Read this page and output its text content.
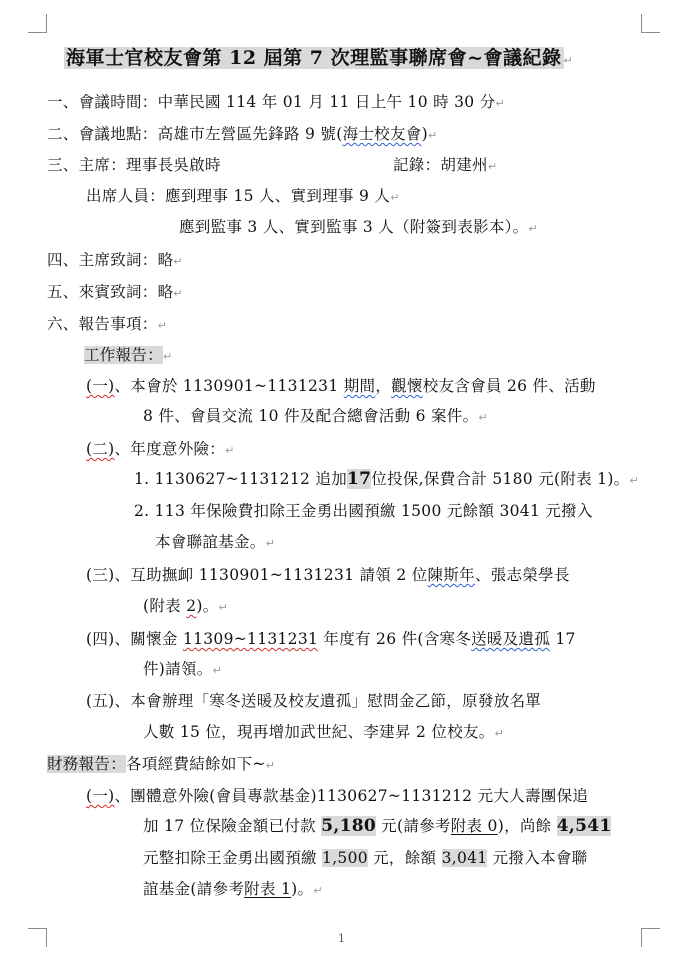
海軍士官校友會第 12 屆第 7 次理監事聯席會~會議紀錄 ↵
一、會議時間：中華民國 114 年 01 月 11 日上午 10 時 30 分↵
二、會議地點：高雄市左營區先鋒路 9 號(海士校友會)↵
三、主席：理事長吳啟時	記錄：胡建州↵
出席人員：應到理事 15 人、實到理事 9 人↵
應到監事 3 人、實到監事 3 人（附簽到表影本）。↵
四、主席致詞：略↵
五、來賓致詞：略↵
六、報告事項：↵
工作報告：↵
(一)、本會於 1130901~1131231 期間，觀懷校友含會員 26 件、活動
8 件、會員交流 10 件及配合總會活動 6 案件。↵
(二)、年度意外險：↵
1. 1130627~1131212 追加17位投保,保費合計 5180 元(附表 1)。↵
2. 113 年保險費扣除王金勇出國預繳 1500 元餘額 3041 元撥入
本會聯誼基金。↵
(三)、互助撫卹 1130901~1131231 請領 2 位陳斯年、張志榮學長
(附表 2)。↵
(四)、關懷金 11309~1131231 年度有 26 件(含寒冬送暖及遺孤 17
件)請領。↵
(五)、本會辦理「寒冬送暖及校友遺孤」慰問金乙節，原發放名單
人數 15 位，現再增加武世紀、李建昇 2 位校友。↵
財務報告：各項經費結餘如下~↵
(一)、團體意外險(會員專款基金)1130627~1131212 元大人壽團保追
加 17 位保險金額已付款 5,180 元(請參考附表 0)，尚餘 4,541
元整扣除王金勇出國預繳 1,500 元，餘額 3,041 元撥入本會聯
誼基金(請參考附表 1)。↵
1
